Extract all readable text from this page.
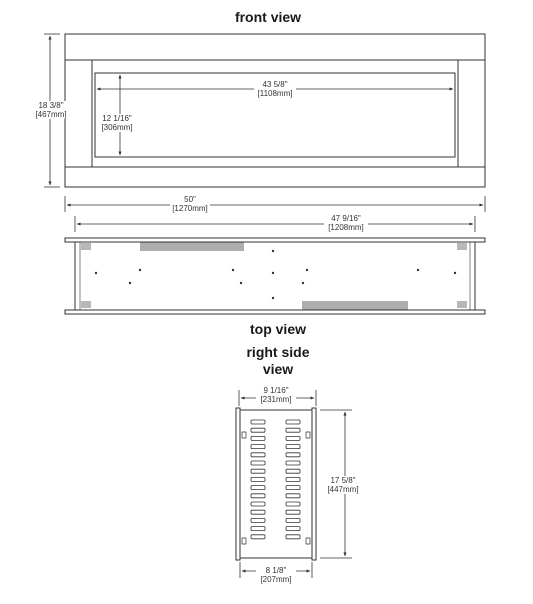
front view
top view
right side
view
18 3/8"
[467mm]
43 5/8"
[1108mm]
12 1/16"
[306mm]
50"
[1270mm]
47 9/16"
[1208mm]
9 1/16"
[231mm]
17 5/8"
[447mm]
8 1/8"
[207mm]
